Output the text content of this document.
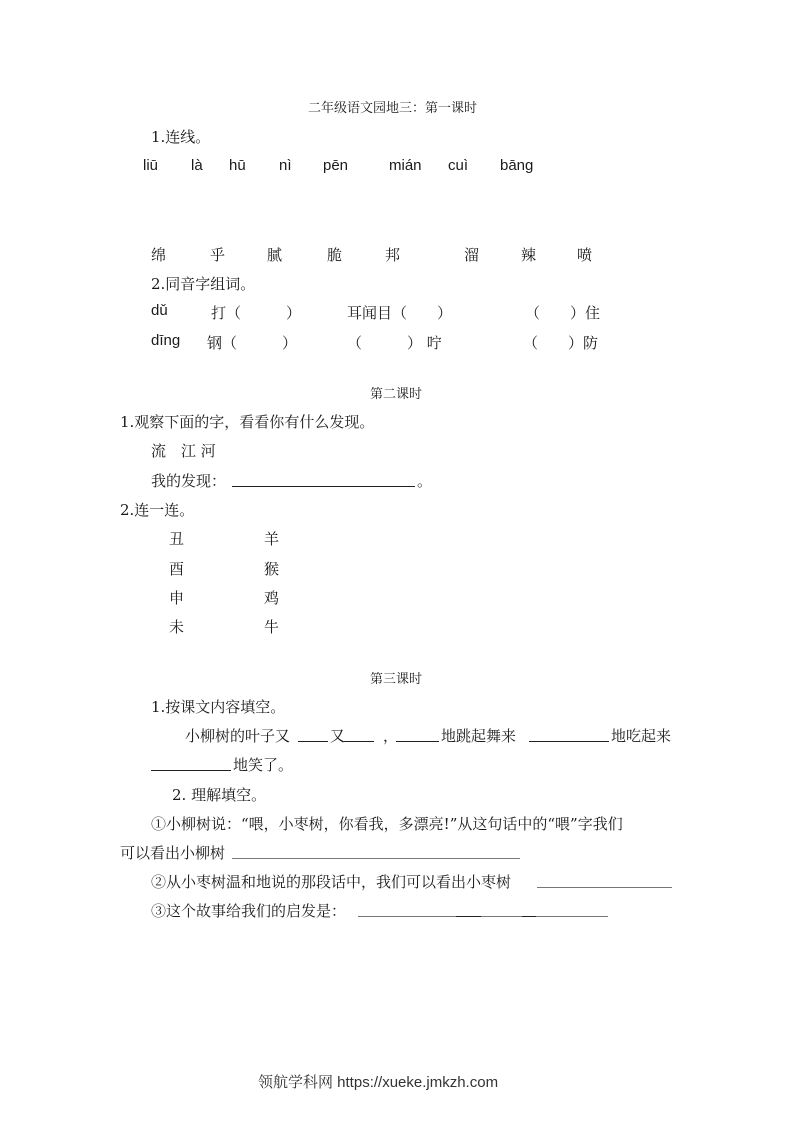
二年级语文园地三：第一课时
1.连线。
liū là hū nì pēn	mián cuì bāng
绵	乎	腻	脆	邦	溜	辣	喷
2.同音字组词。
dǔ	打（　　　）	耳闻目（　　）	（　　）住
dīng 钢（　　　）	（　　　） 咛	（　　）防
第二课时
1.观察下面的字，看看你有什么发现。
流　江 河
我的发现：	。
2.连一连。
丑	羊
酉	猴
申	鸡
未	牛
第三课时
1.按课文内容填空。
小柳树的叶子又	又	，	地跳起舞来	地吃起来
地笑了。
2. 理解填空。
①小柳树说：“喂，小枣树，你看我，多漂亮!”从这句话中的“喂”字我们
可以看出小柳树
②从小枣树温和地说的那段话中，我们可以看出小枣树
③这个故事给我们的启发是：
领航学科网 https://xueke.jmkzh.com
